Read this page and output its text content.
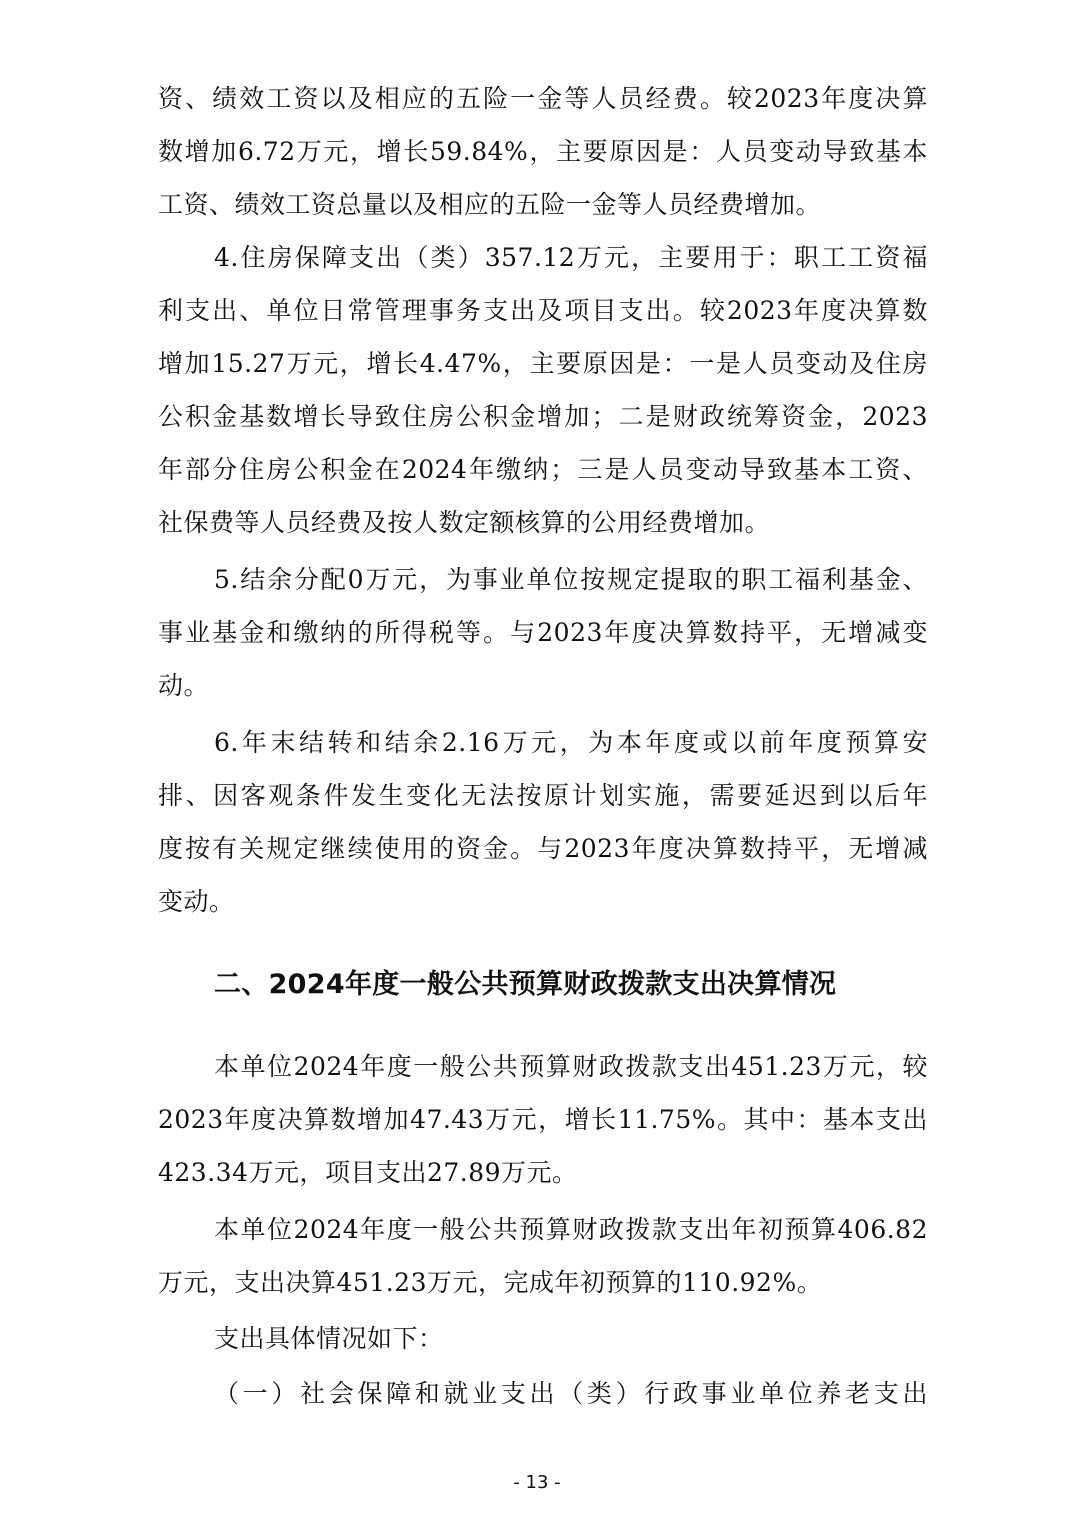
资、绩效工资以及相应的五险一金等人员经费。较2023年度决算
数增加6.72万元，增长59.84%，主要原因是：人员变动导致基本
工资、绩效工资总量以及相应的五险一金等人员经费增加。
4.住房保障支出（类）357.12万元，主要用于：职工工资福
利支出、单位日常管理事务支出及项目支出。较2023年度决算数
增加15.27万元，增长4.47%，主要原因是：一是人员变动及住房
公积金基数增长导致住房公积金增加；二是财政统筹资金，2023
年部分住房公积金在2024年缴纳；三是人员变动导致基本工资、
社保费等人员经费及按人数定额核算的公用经费增加。
5.结余分配0万元，为事业单位按规定提取的职工福利基金、
事业基金和缴纳的所得税等。与2023年度决算数持平，无增减变
动。
6.年末结转和结余2.16万元，为本年度或以前年度预算安
排、因客观条件发生变化无法按原计划实施，需要延迟到以后年
度按有关规定继续使用的资金。与2023年度决算数持平，无增减
变动。
二、2024年度一般公共预算财政拨款支出决算情况
本单位2024年度一般公共预算财政拨款支出451.23万元，较
2023年度决算数增加47.43万元，增长11.75%。其中：基本支出
423.34万元，项目支出27.89万元。
本单位2024年度一般公共预算财政拨款支出年初预算406.82
万元，支出决算451.23万元，完成年初预算的110.92%。
支出具体情况如下：
（一）社会保障和就业支出（类）行政事业单位养老支出
- 13 -
